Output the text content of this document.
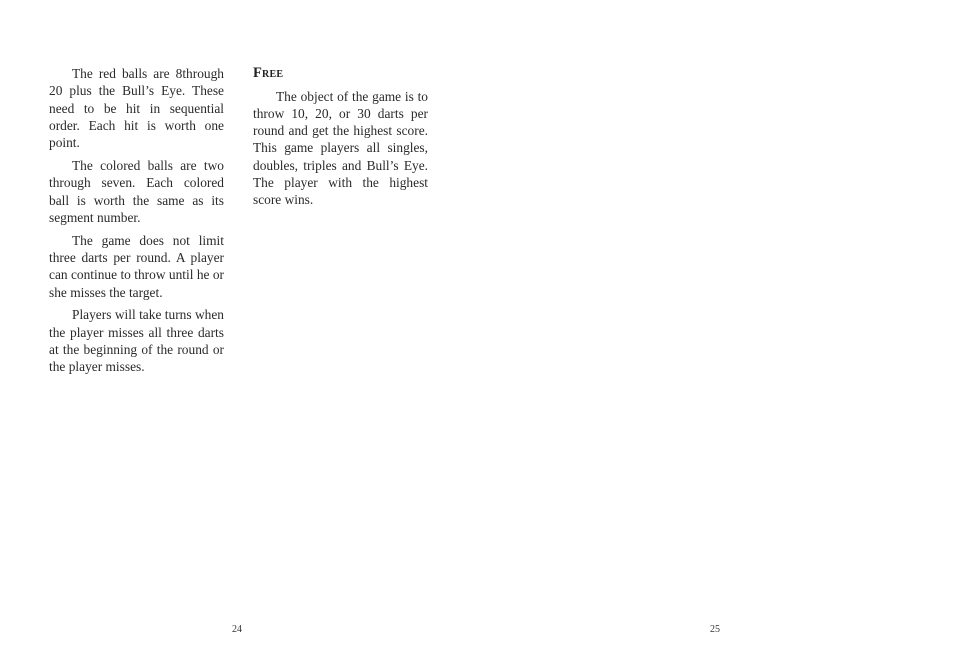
The red balls are 8through 20 plus the Bull’s Eye. These need to be hit in sequential order. Each hit is worth one point.

The colored balls are two through seven. Each colored ball is worth the same as its segment number.

The game does not limit three darts per round. A player can continue to throw until he or she misses the target.

Players will take turns when the player misses all three darts at the beginning of the round or the player misses.

Free

The object of the game is to throw 10, 20, or 30 darts per round and get the highest score. This game players all singles, doubles, triples and Bull’s Eye. The player with the highest score wins.

24	25
